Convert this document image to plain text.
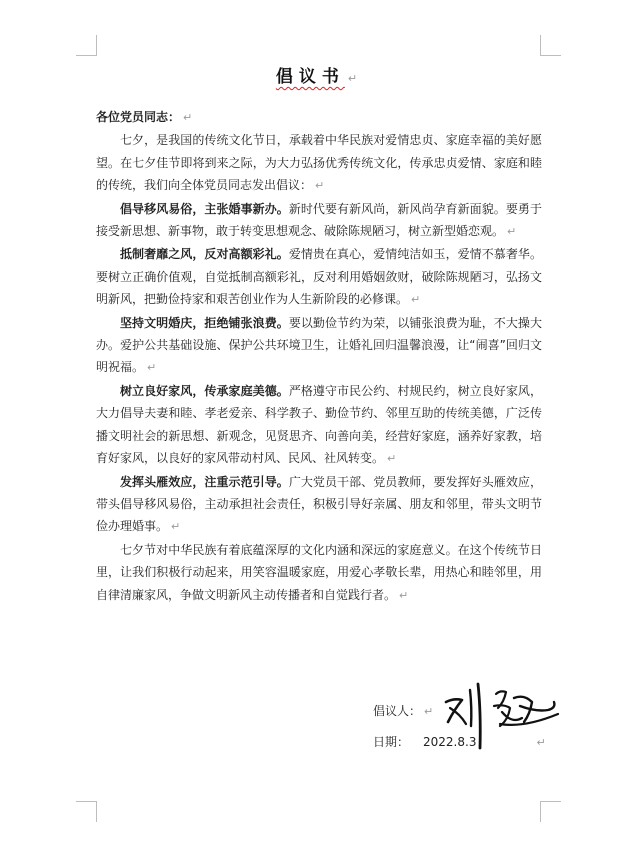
倡议书 ↵

各位党员同志： ↵

七夕，是我国的传统文化节日，承载着中华民族对爱情忠贞、家庭幸福的美好愿望。在七夕佳节即将到来之际，为大力弘扬优秀传统文化，传承忠贞爱情、家庭和睦的传统，我们向全体党员同志发出倡议： ↵

倡导移风易俗，主张婚事新办。新时代要有新风尚，新风尚孕育新面貌。要勇于接受新思想、新事物，敢于转变思想观念、破除陈规陋习，树立新型婚恋观。 ↵

抵制奢靡之风，反对高额彩礼。爱情贵在真心，爱情纯洁如玉，爱情不慕奢华。要树立正确价值观，自觉抵制高额彩礼，反对利用婚姻敛财，破除陈规陋习，弘扬文明新风，把勤俭持家和艰苦创业作为人生新阶段的必修课。 ↵

坚持文明婚庆，拒绝铺张浪费。要以勤俭节约为荣，以铺张浪费为耻，不大操大办。爱护公共基础设施、保护公共环境卫生，让婚礼回归温馨浪漫，让“闹喜”回归文明祝福。 ↵

树立良好家风，传承家庭美德。严格遵守市民公约、村规民约，树立良好家风，大力倡导夫妻和睦、孝老爱亲、科学教子、勤俭节约、邻里互助的传统美德，广泛传播文明社会的新思想、新观念，见贤思齐、向善向美，经营好家庭，涵养好家教，培育好家风，以良好的家风带动村风、民风、社风转变。 ↵

发挥头雁效应，注重示范引导。广大党员干部、党员教师，要发挥好头雁效应，带头倡导移风易俗，主动承担社会责任，积极引导好亲属、朋友和邻里，带头文明节俭办理婚事。 ↵

七夕节对中华民族有着底蕴深厚的文化内涵和深远的家庭意义。在这个传统节日里，让我们积极行动起来，用笑容温暖家庭，用爱心孝敬长辈，用热心和睦邻里，用自律清廉家风，争做文明新风主动传播者和自觉践行者。 ↵

倡议人： ↵
日期： 2022.8.3	↵
